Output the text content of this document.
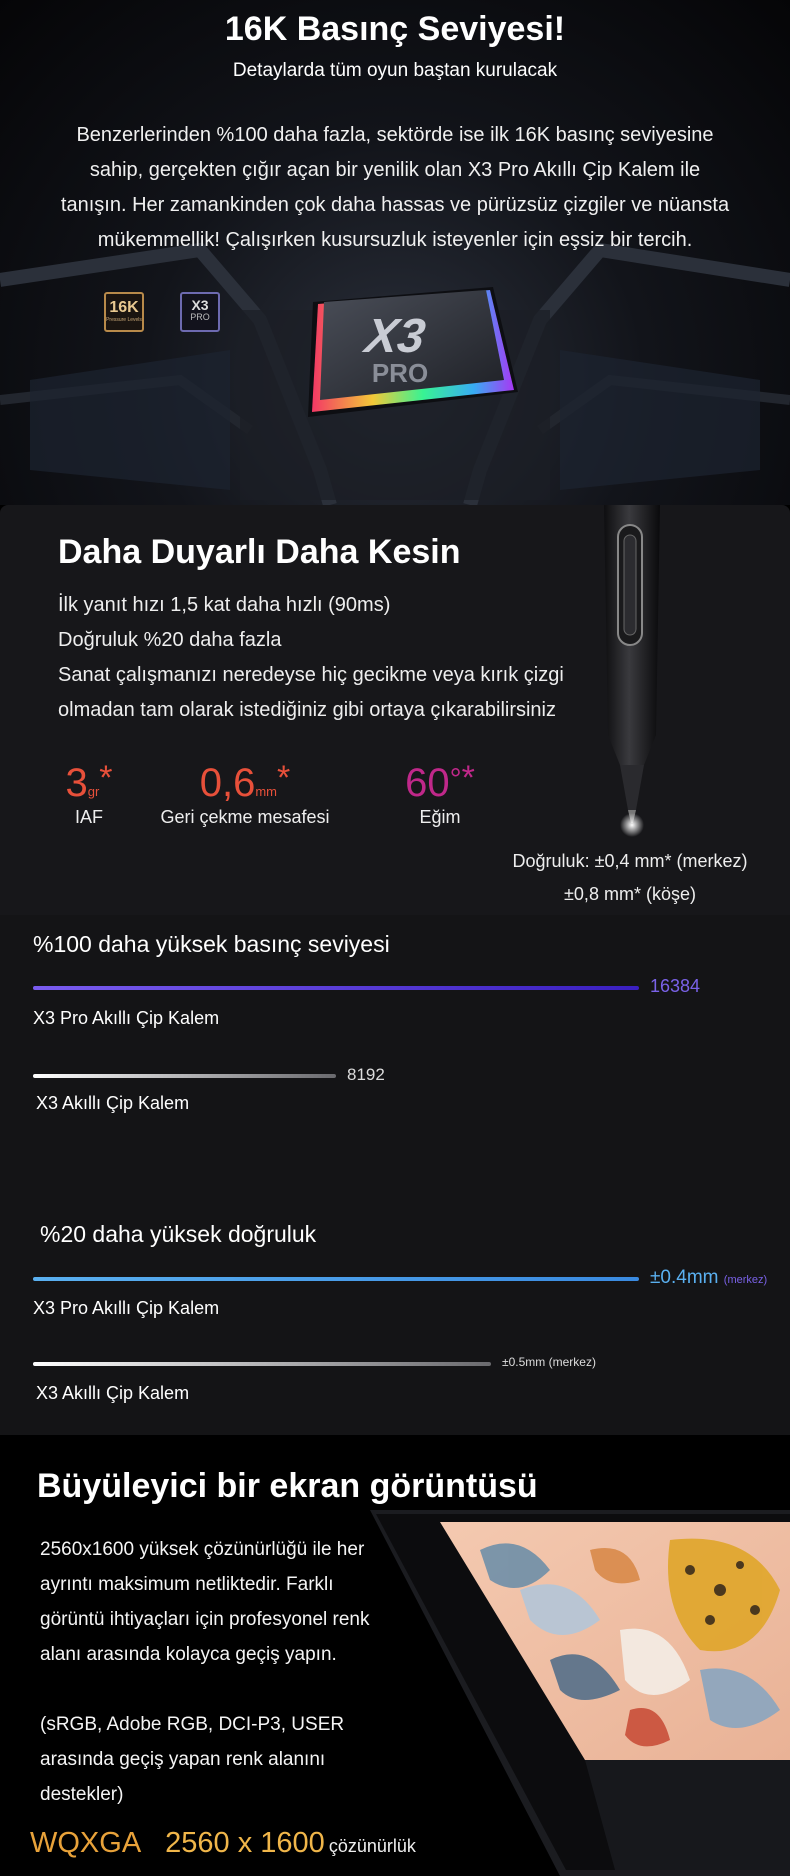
16K Basınç Seviyesi!
Detaylarda tüm oyun baştan kurulacak

Benzerlerinden %100 daha fazla, sektörde ise ilk 16K basınç seviyesine sahip, gerçekten çığır açan bir yenilik olan X3 Pro Akıllı Çip Kalem ile tanışın. Her zamankinden çok daha hassas ve pürüzsüz çizgiler ve nüansta mükemmellik! Çalışırken kusursuzluk isteyenler için eşsiz bir tercih.

16K
Pressure Levels
X3
PRO	X3
PRO
Daha Duyarlı Daha Kesin
İlk yanıt hızı 1,5 kat daha hızlı (90ms)
Doğruluk %20 daha fazla
Sanat çalışmanızı neredeyse hiç gecikme veya kırık çizgi
olmadan tam olarak istediğiniz gibi ortaya çıkarabilirsiniz
3gr*
IAF
0,6mm*
Geri çekme mesafesi
60°*
Eğim
Doğruluk: ±0,4 mm* (merkez)
±0,8 mm* (köşe)
%100 daha yüksek basınç seviyesi
16384
X3 Pro Akıllı Çip Kalem
8192
X3 Akıllı Çip Kalem
%20 daha yüksek doğruluk
±0.4mm (merkez)
X3 Pro Akıllı Çip Kalem
±0.5mm (merkez)
X3 Akıllı Çip Kalem
Büyüleyici bir ekran görüntüsü

2560x1600 yüksek çözünürlüğü ile her ayrıntı maksimum netliktedir. Farklı görüntü ihtiyaçları için profesyonel renk alanı arasında kolayca geçiş yapın.

(sRGB, Adobe RGB, DCI-P3, USER arasında geçiş yapan renk alanını destekler)

WQXGA 2560 x 1600 çözünürlük
